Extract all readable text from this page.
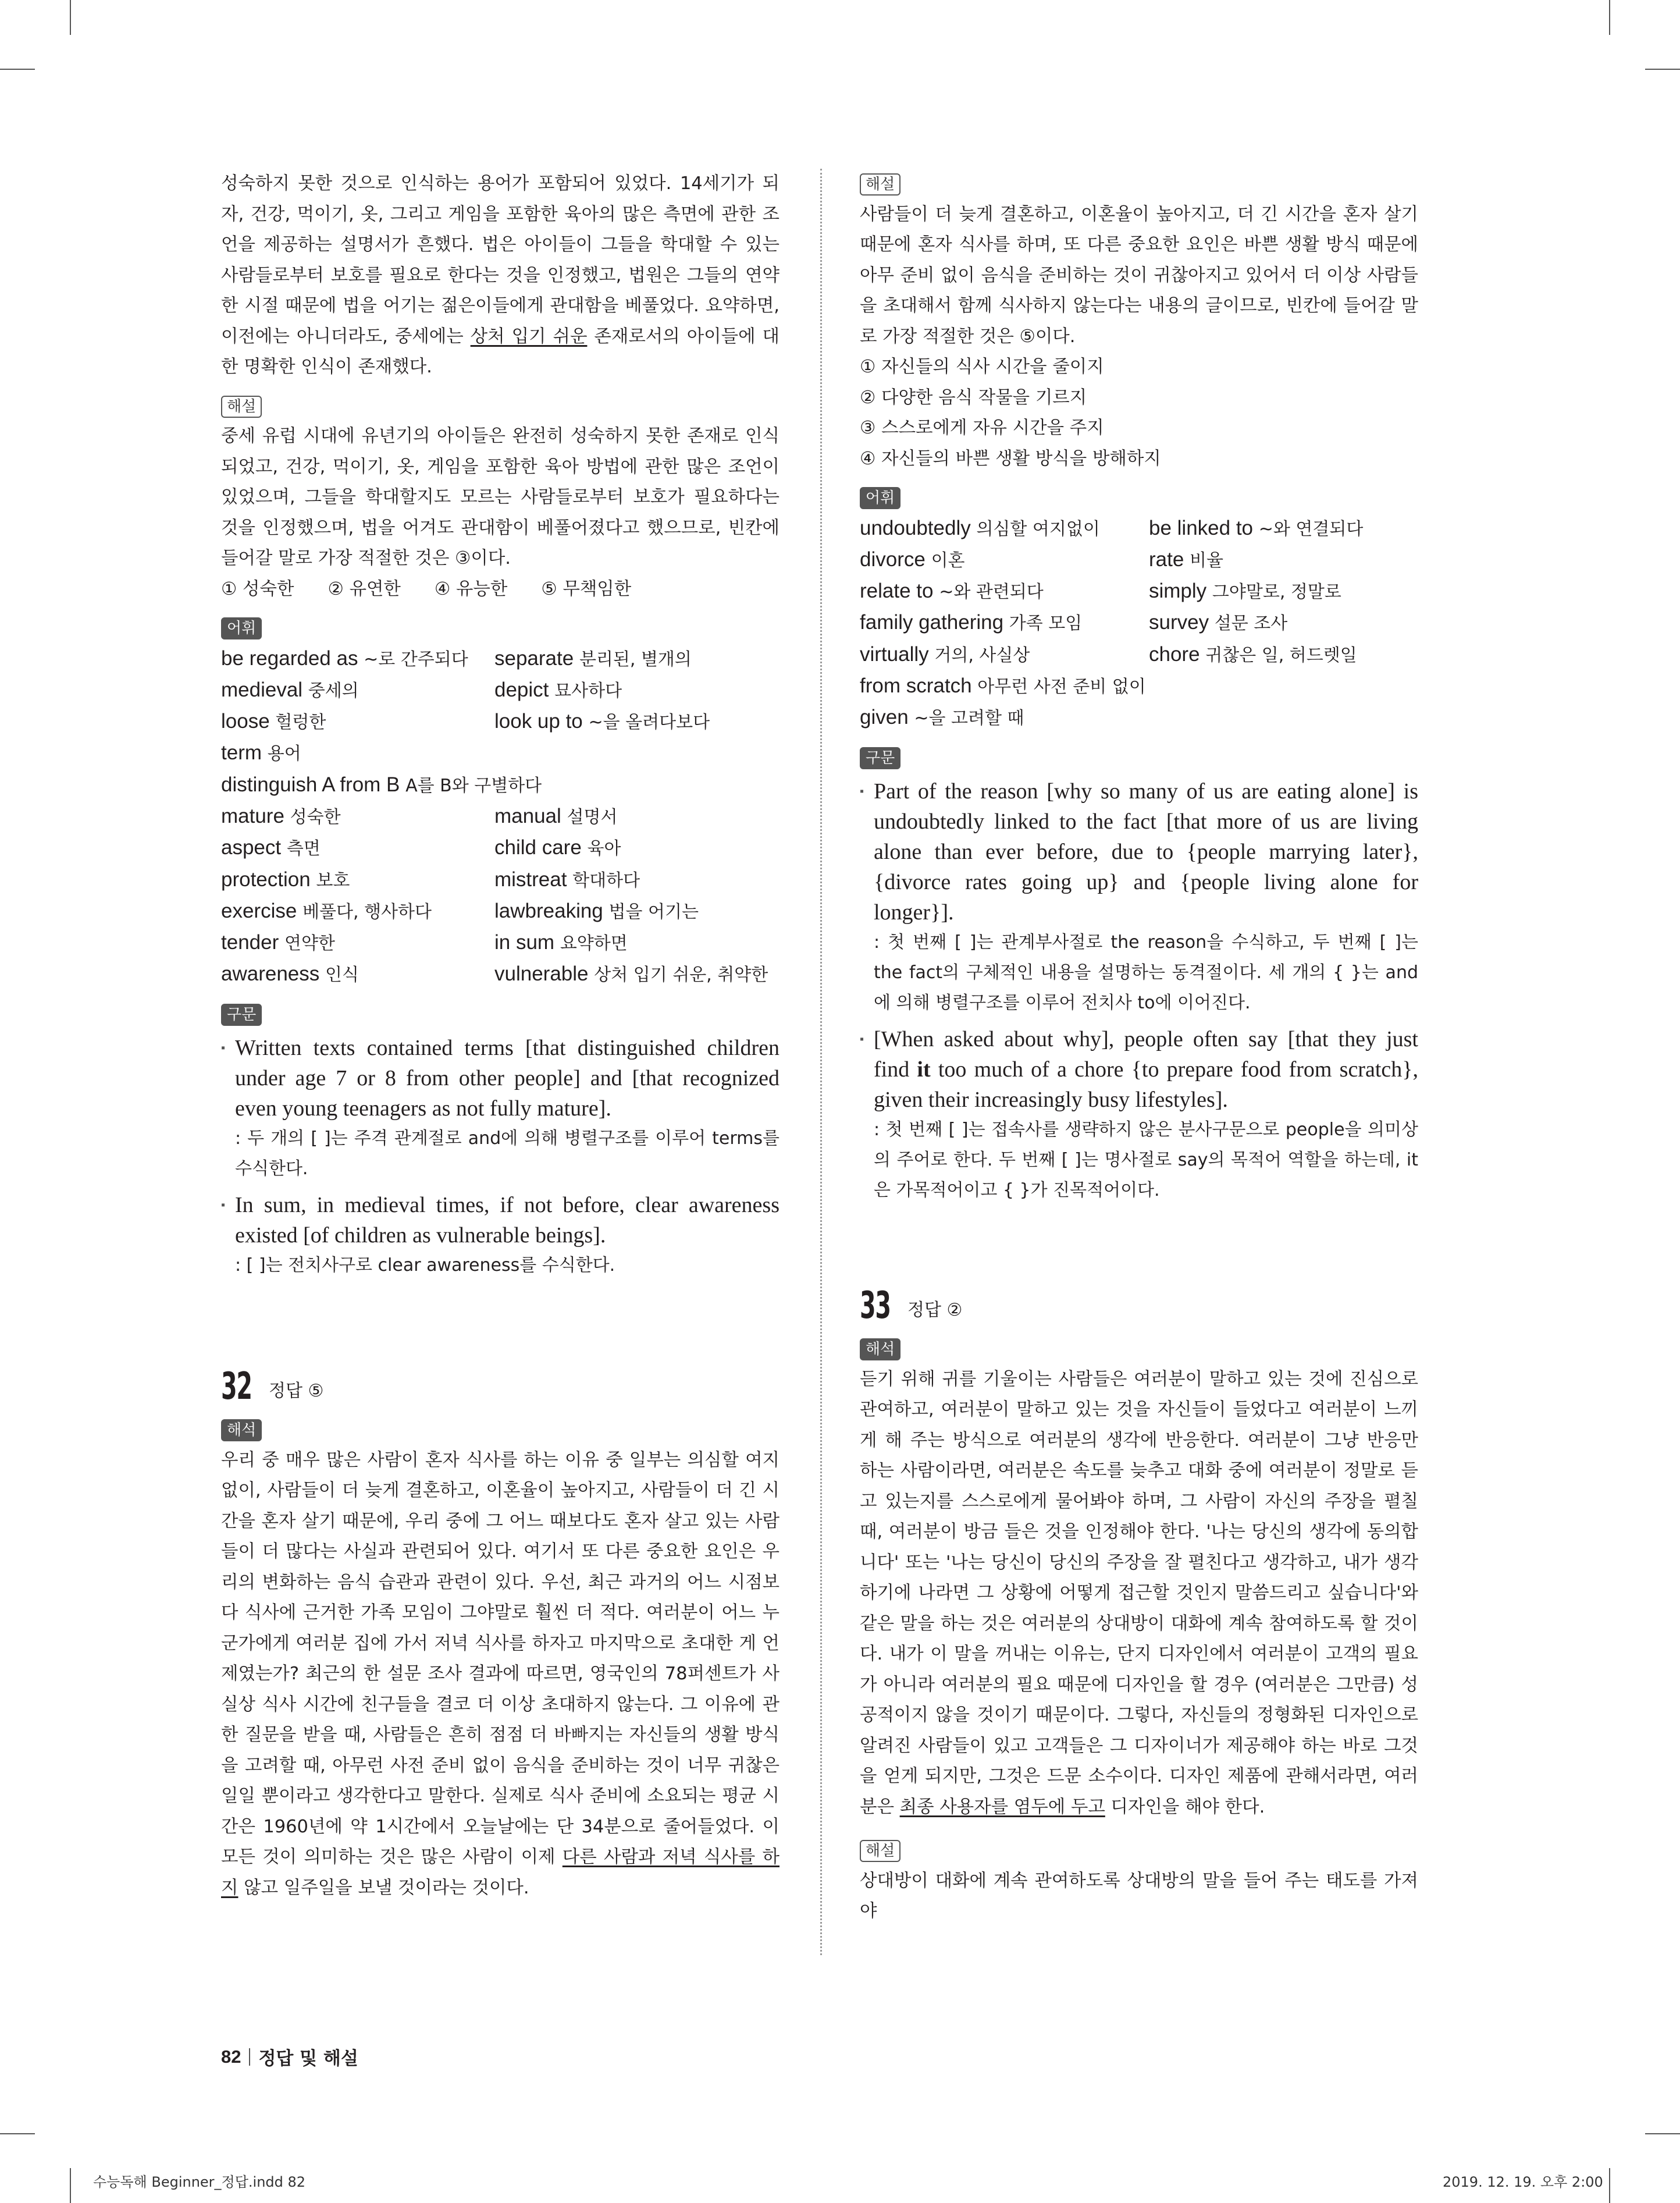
성숙하지 못한 것으로 인식하는 용어가 포함되어 있었다. 14세기가 되자, 건강, 먹이기, 옷, 그리고 게임을 포함한 육아의 많은 측면에 관한 조언을 제공하는 설명서가 흔했다. 법은 아이들이 그들을 학대할 수 있는 사람들로부터 보호를 필요로 한다는 것을 인정했고, 법원은 그들의 연약한 시절 때문에 법을 어기는 젊은이들에게 관대함을 베풀었다. 요약하면, 이전에는 아니더라도, 중세에는 상처 입기 쉬운 존재로서의 아이들에 대한 명확한 인식이 존재했다.

해설

중세 유럽 시대에 유년기의 아이들은 완전히 성숙하지 못한 존재로 인식되었고, 건강, 먹이기, 옷, 게임을 포함한 육아 방법에 관한 많은 조언이 있었으며, 그들을 학대할지도 모르는 사람들로부터 보호가 필요하다는 것을 인정했으며, 법을 어겨도 관대함이 베풀어졌다고 했으므로, 빈칸에 들어갈 말로 가장 적절한 것은 ③이다.

① 성숙한 ② 유연한 ④ 유능한 ⑤ 무책임한
어휘
be regarded as ~로 간주되다	separate 분리된, 별개의
medieval 중세의	depict 묘사하다
loose 헐렁한	look up to ~을 올려다보다
term 용어
distinguish A from B A를 B와 구별하다
mature 성숙한	manual 설명서
aspect 측면	child care 육아
protection 보호	mistreat 학대하다
exercise 베풀다, 행사하다	lawbreaking 법을 어기는
tender 연약한	in sum 요약하면
awareness 인식	vulnerable 상처 입기 쉬운, 취약한
구문
▪ Written texts contained terms [that distinguished children under age 7 or 8 from other people] and [that recognized even young teenagers as not fully mature].
: 두 개의 [ ]는 주격 관계절로 and에 의해 병렬구조를 이루어 terms를 수식한다.
▪ In sum, in medieval times, if not before, clear awareness existed [of children as vulnerable beings].
: [ ]는 전치사구로 clear awareness를 수식한다.
32 정답 ⑤
해석

우리 중 매우 많은 사람이 혼자 식사를 하는 이유 중 일부는 의심할 여지없이, 사람들이 더 늦게 결혼하고, 이혼율이 높아지고, 사람들이 더 긴 시간을 혼자 살기 때문에, 우리 중에 그 어느 때보다도 혼자 살고 있는 사람들이 더 많다는 사실과 관련되어 있다. 여기서 또 다른 중요한 요인은 우리의 변화하는 음식 습관과 관련이 있다. 우선, 최근 과거의 어느 시점보다 식사에 근거한 가족 모임이 그야말로 훨씬 더 적다. 여러분이 어느 누군가에게 여러분 집에 가서 저녁 식사를 하자고 마지막으로 초대한 게 언제였는가? 최근의 한 설문 조사 결과에 따르면, 영국인의 78퍼센트가 사실상 식사 시간에 친구들을 결코 더 이상 초대하지 않는다. 그 이유에 관한 질문을 받을 때, 사람들은 흔히 점점 더 바빠지는 자신들의 생활 방식을 고려할 때, 아무런 사전 준비 없이 음식을 준비하는 것이 너무 귀찮은 일일 뿐이라고 생각한다고 말한다. 실제로 식사 준비에 소요되는 평균 시간은 1960년에 약 1시간에서 오늘날에는 단 34분으로 줄어들었다. 이 모든 것이 의미하는 것은 많은 사람이 이제 다른 사람과 저녁 식사를 하지 않고 일주일을 보낼 것이라는 것이다.

해설

사람들이 더 늦게 결혼하고, 이혼율이 높아지고, 더 긴 시간을 혼자 살기 때문에 혼자 식사를 하며, 또 다른 중요한 요인은 바쁜 생활 방식 때문에 아무 준비 없이 음식을 준비하는 것이 귀찮아지고 있어서 더 이상 사람들을 초대해서 함께 식사하지 않는다는 내용의 글이므로, 빈칸에 들어갈 말로 가장 적절한 것은 ⑤이다.

① 자신들의 식사 시간을 줄이지
② 다양한 음식 작물을 기르지
③ 스스로에게 자유 시간을 주지
④ 자신들의 바쁜 생활 방식을 방해하지
어휘
undoubtedly 의심할 여지없이	be linked to ~와 연결되다
divorce 이혼	rate 비율
relate to ~와 관련되다	simply 그야말로, 정말로
family gathering 가족 모임	survey 설문 조사
virtually 거의, 사실상	chore 귀찮은 일, 허드렛일
from scratch 아무런 사전 준비 없이
given ~을 고려할 때
구문
▪ Part of the reason [why so many of us are eating alone] is undoubtedly linked to the fact [that more of us are living alone than ever before, due to {people marrying later}, {divorce rates going up} and {people living alone for longer}].
: 첫 번째 [ ]는 관계부사절로 the reason을 수식하고, 두 번째 [ ]는 the fact의 구체적인 내용을 설명하는 동격절이다. 세 개의 { }는 and에 의해 병렬구조를 이루어 전치사 to에 이어진다.
▪ [When asked about why], people often say [that they just find it too much of a chore {to prepare food from scratch}, given their increasingly busy lifestyles].
: 첫 번째 [ ]는 접속사를 생략하지 않은 분사구문으로 people을 의미상의 주어로 한다. 두 번째 [ ]는 명사절로 say의 목적어 역할을 하는데, it은 가목적어이고 { }가 진목적어이다.
33 정답 ②
해석

듣기 위해 귀를 기울이는 사람들은 여러분이 말하고 있는 것에 진심으로 관여하고, 여러분이 말하고 있는 것을 자신들이 들었다고 여러분이 느끼게 해 주는 방식으로 여러분의 생각에 반응한다. 여러분이 그냥 반응만 하는 사람이라면, 여러분은 속도를 늦추고 대화 중에 여러분이 정말로 듣고 있는지를 스스로에게 물어봐야 하며, 그 사람이 자신의 주장을 펼칠 때, 여러분이 방금 들은 것을 인정해야 한다. '나는 당신의 생각에 동의합니다' 또는 '나는 당신이 당신의 주장을 잘 펼친다고 생각하고, 내가 생각하기에 나라면 그 상황에 어떻게 접근할 것인지 말씀드리고 싶습니다'와 같은 말을 하는 것은 여러분의 상대방이 대화에 계속 참여하도록 할 것이다. 내가 이 말을 꺼내는 이유는, 단지 디자인에서 여러분이 고객의 필요가 아니라 여러분의 필요 때문에 디자인을 할 경우 (여러분은 그만큼) 성공적이지 않을 것이기 때문이다. 그렇다, 자신들의 정형화된 디자인으로 알려진 사람들이 있고 고객들은 그 디자이너가 제공해야 하는 바로 그것을 얻게 되지만, 그것은 드문 소수이다. 디자인 제품에 관해서라면, 여러분은 최종 사용자를 염두에 두고 디자인을 해야 한다.

해설

상대방이 대화에 계속 관여하도록 상대방의 말을 들어 주는 태도를 가져야

82 정답 및 해설
수능독해 Beginner_정답.indd 82	2019. 12. 19. 오후 2:00
